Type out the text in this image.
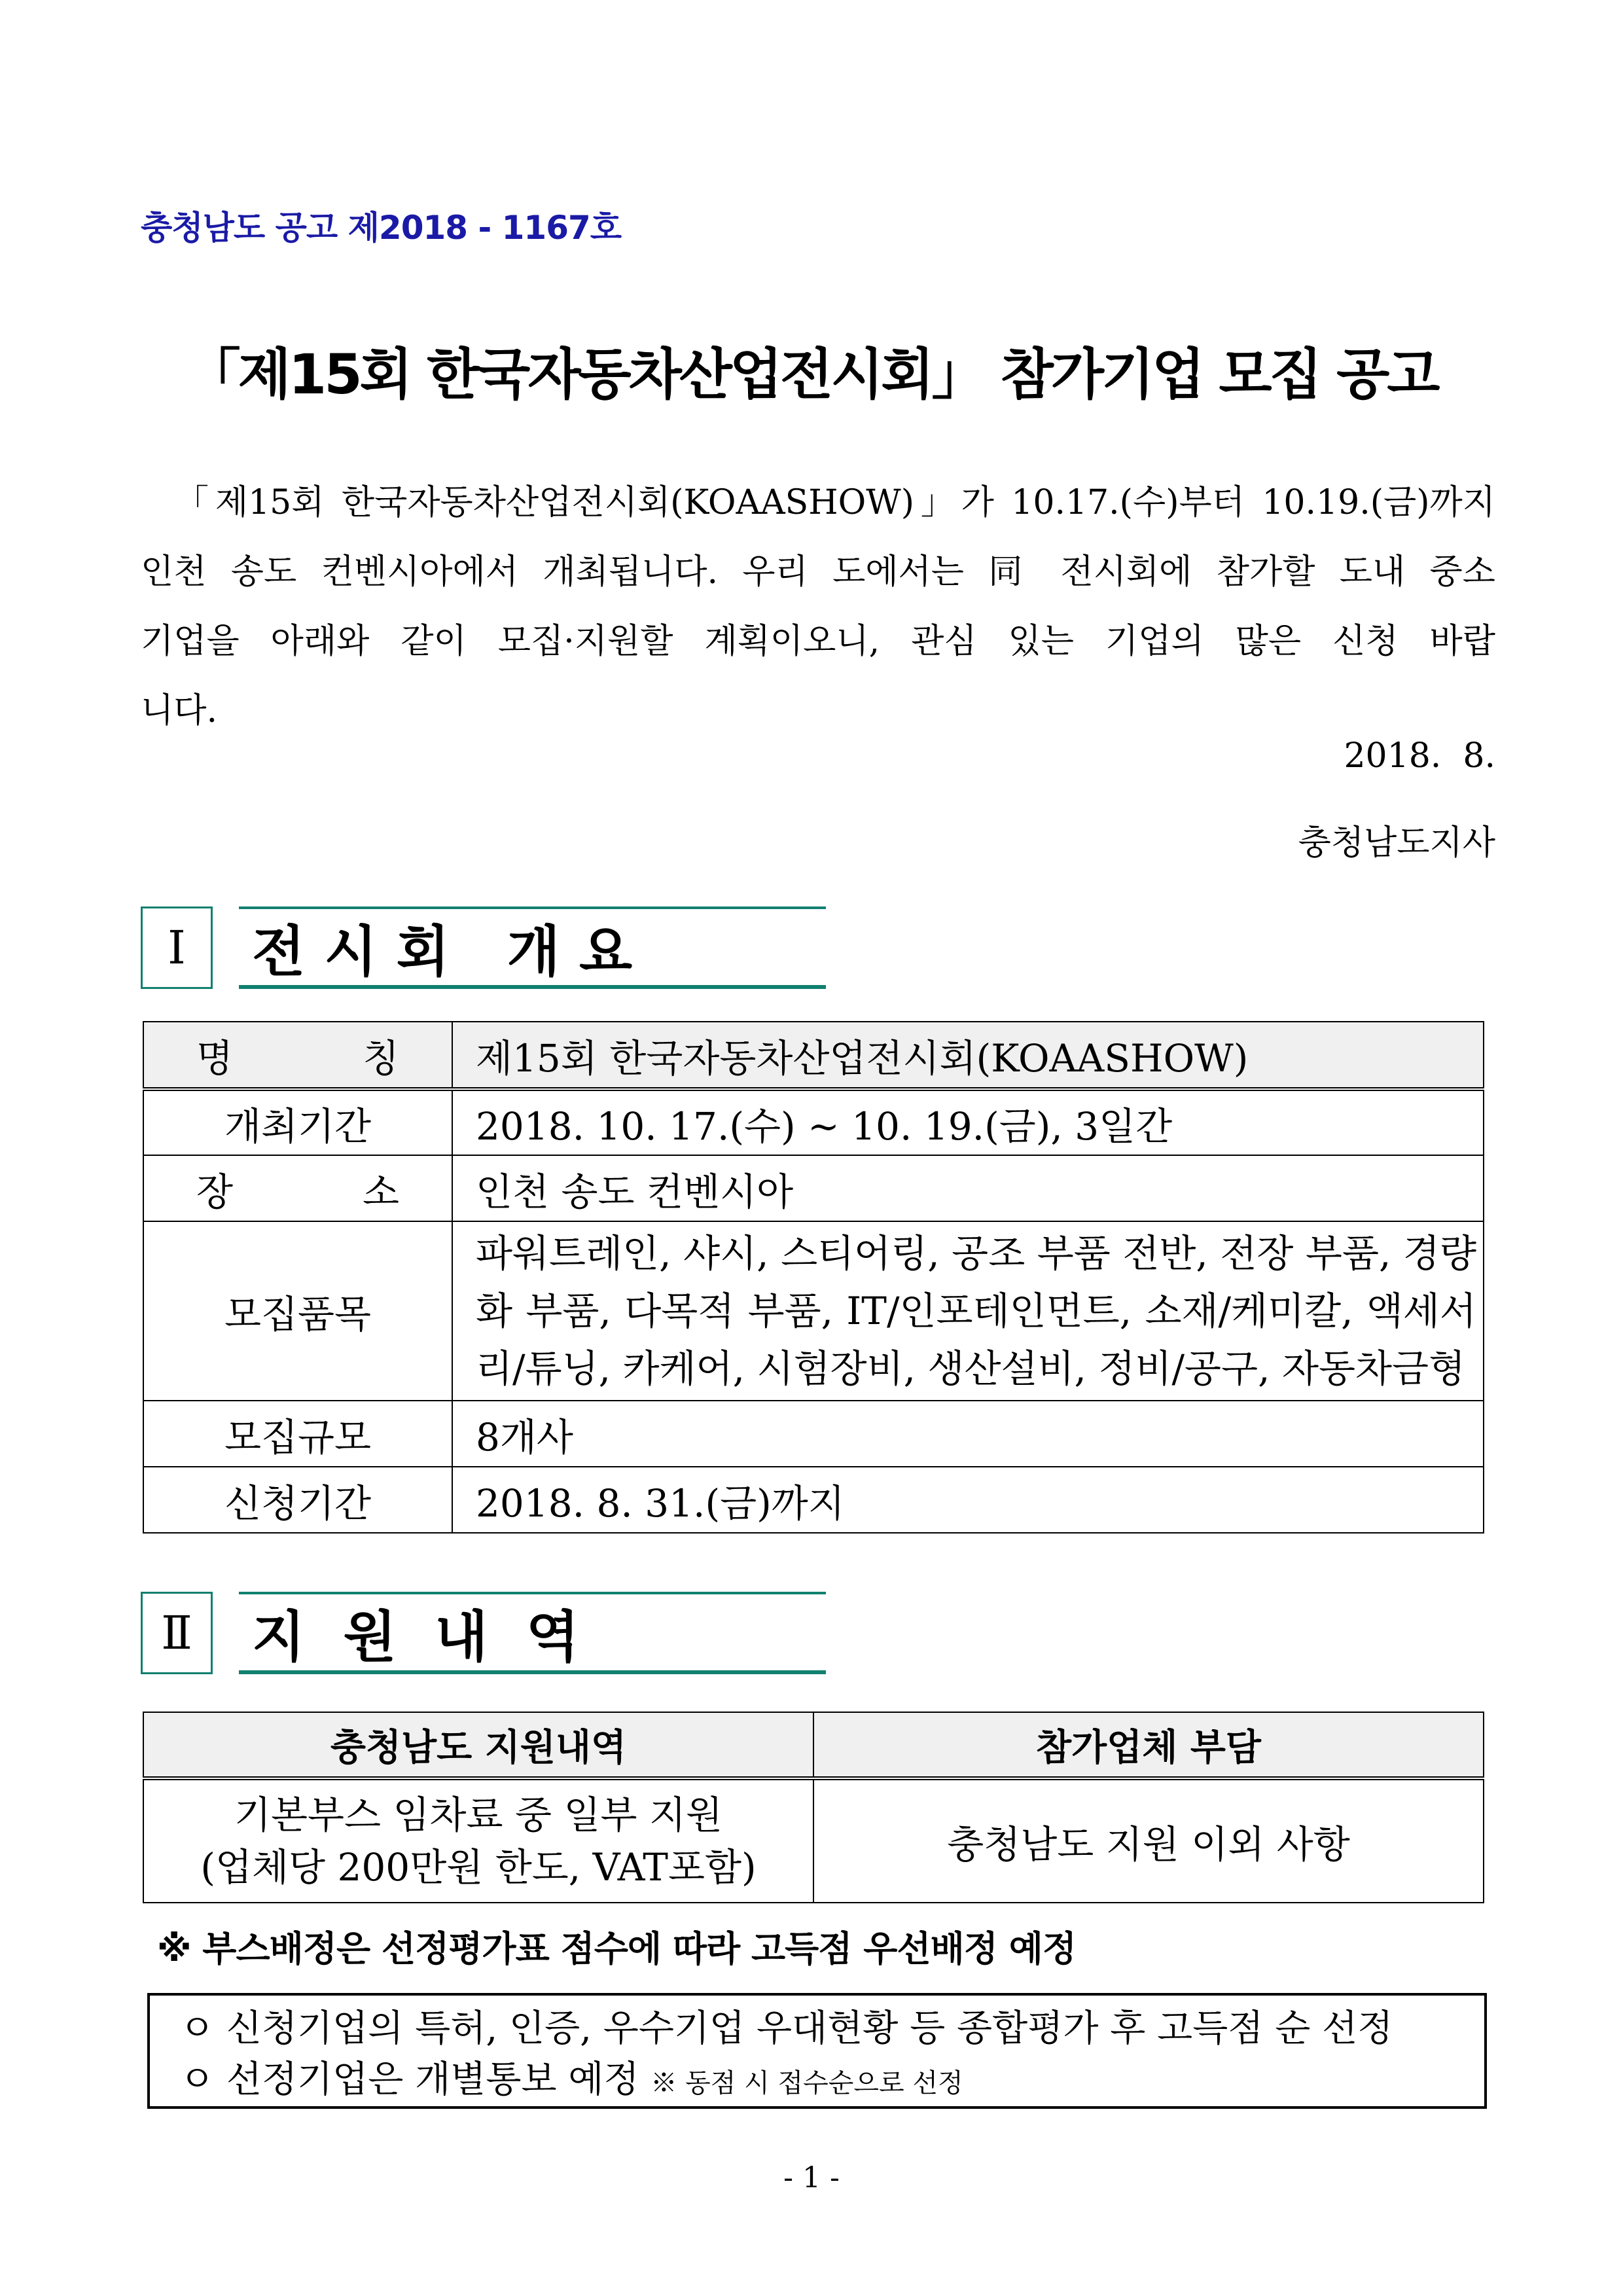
충청남도 공고 제2018 - 1167호
「제15회 한국자동차산업전시회」 참가기업 모집 공고
「제15회 한국자동차산업전시회(KOAASHOW)」가 10.17.(수)부터 10.19.(금)까지
인천 송도 컨벤시아에서 개최됩니다. 우리 도에서는 同 전시회에 참가할 도내 중소
기업을 아래와 같이 모집·지원할 계획이오니, 관심 있는 기업의 많은 신청 바랍
니다.
2018.  8.
충청남도지사
Ⅰ	전 시 회   개 요
명 칭	제15회 한국자동차산업전시회(KOAASHOW)
개최기간	2018. 10. 17.(수) ~ 10. 19.(금), 3일간
장 소	인천 송도 컨벤시아
모집품목	파워트레인, 샤시, 스티어링, 공조 부품 전반, 전장 부품, 경량화 부품, 다목적 부품, IT/인포테인먼트, 소재/케미칼, 액세서리/튜닝, 카케어, 시험장비, 생산설비, 정비/공구, 자동차금형
모집규모	8개사
신청기간	2018. 8. 31.(금)까지
Ⅱ	지  원  내  역
충청남도 지원내역	참가업체 부담

기본부스 임차료 중 일부 지원
(업체당 200만원 한도, VAT포함)	충청남도 지원 이외 사항
※ 부스배정은 선정평가표 점수에 따라 고득점 우선배정 예정
ㅇ 신청기업의 특허, 인증, 우수기업 우대현황 등 종합평가 후 고득점 순 선정
ㅇ 선정기업은 개별통보 예정 ※ 동점 시 접수순으로 선정
- 1 -
